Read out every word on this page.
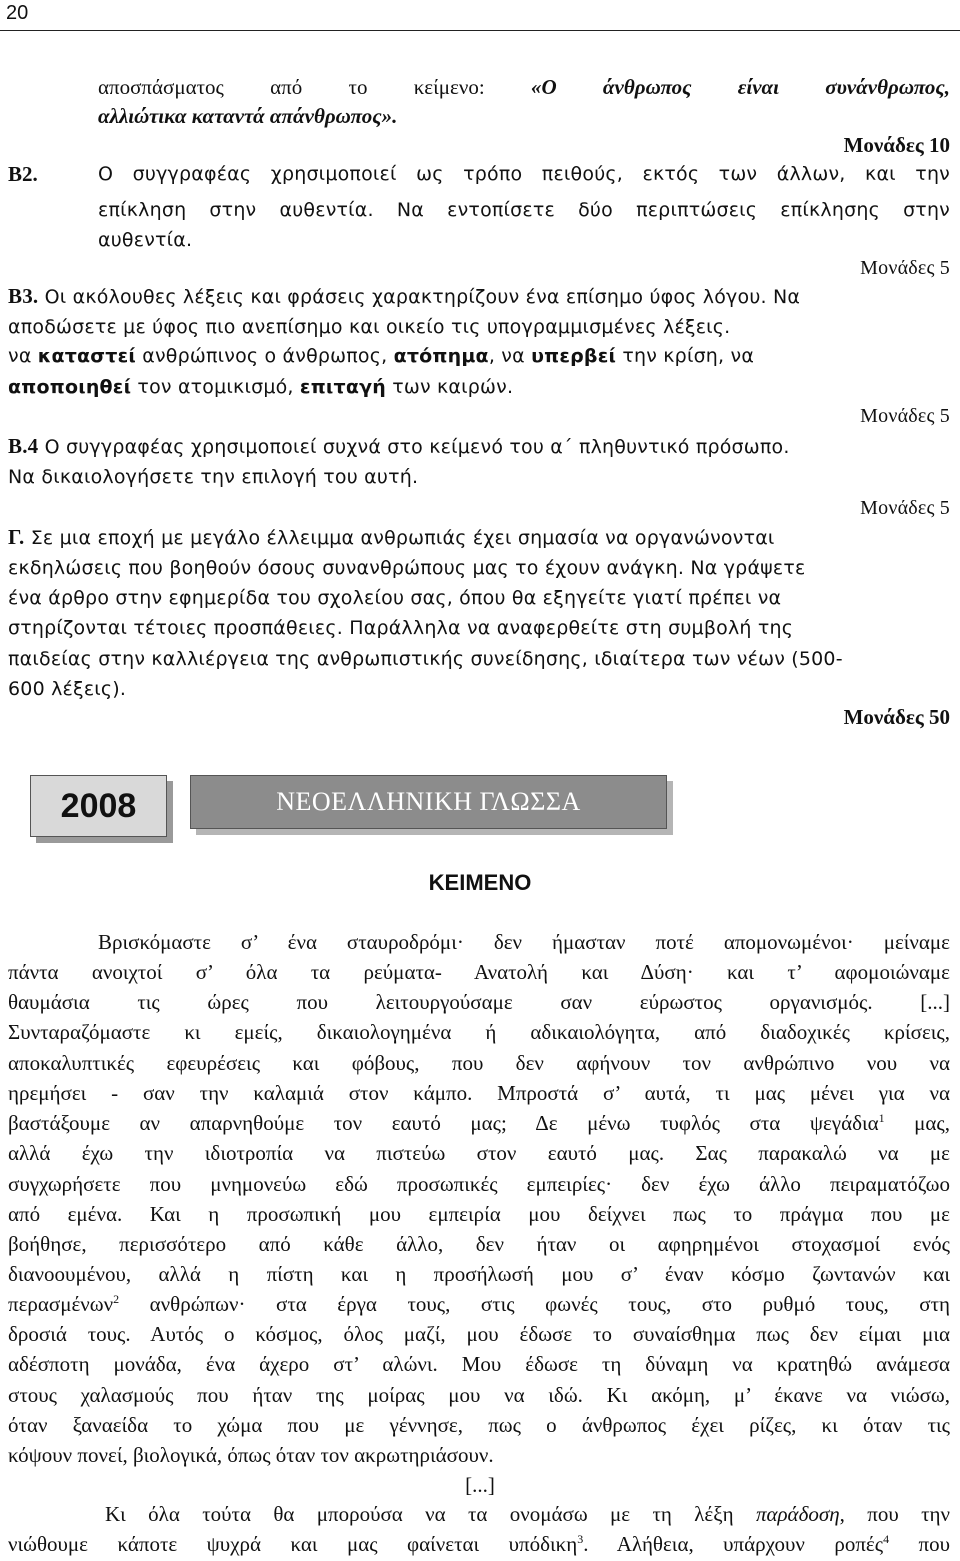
20
αποσπάσματος από το κείμενο: «Ο άνθρωπος είναι συνάνθρωπος,
αλλιώτικα καταντά απάνθρωπος».
Μονάδες 10
Β2.	Ο συγγραφέας χρησιμοποιεί ως τρόπο πειθούς, εκτός των άλλων, και την
επίκληση στην αυθεντία. Να εντοπίσετε δύο περιπτώσεις επίκλησης στην
αυθεντία.
Μονάδες 5
Β3. Οι ακόλουθες λέξεις και φράσεις χαρακτηρίζουν ένα επίσημο ύφος λόγου. Να
αποδώσετε με ύφος πιο ανεπίσημο και οικείο τις υπογραμμισμένες λέξεις.
να καταστεί ανθρώπινος ο άνθρωπος, ατόπημα, να υπερβεί την κρίση, να
αποποιηθεί τον ατομικισμό, επιταγή των καιρών.
Μονάδες 5
Β.4 Ο συγγραφέας χρησιμοποιεί συχνά στο κείμενό του α΄ πληθυντικό πρόσωπο.
Να δικαιολογήσετε την επιλογή του αυτή.
Μονάδες 5
Γ. Σε μια εποχή με μεγάλο έλλειμμα ανθρωπιάς έχει σημασία να οργανώνονται
εκδηλώσεις που βοηθούν όσους συνανθρώπους μας το έχουν ανάγκη. Να γράψετε
ένα άρθρο στην εφημερίδα του σχολείου σας, όπου θα εξηγείτε γιατί πρέπει να
στηρίζονται τέτοιες προσπάθειες. Παράλληλα να αναφερθείτε στη συμβολή της
παιδείας στην καλλιέργεια της ανθρωπιστικής συνείδησης, ιδιαίτερα των νέων (500-
600 λέξεις).
Μονάδες 50
2008	ΝΕΟΕΛΛΗΝΙΚΗ ΓΛΩΣΣΑ
ΚΕΙΜΕΝΟ
Βρισκόμαστε σ’ ένα σταυροδρόμι· δεν ήμασταν ποτέ απομονωμένοι· μείναμε
πάντα ανοιχτοί σ’ όλα τα ρεύματα- Ανατολή και Δύση· και τ’ αφομοιώναμε
θαυμάσια τις ώρες που λειτουργούσαμε σαν εύρωστος οργανισμός. [...]
Συνταραζόμαστε κι εμείς, δικαιολογημένα ή αδικαιολόγητα, από διαδοχικές κρίσεις,
αποκαλυπτικές εφευρέσεις και φόβους, που δεν αφήνουν τον ανθρώπινο νου να
ηρεμήσει - σαν την καλαμιά στον κάμπο. Μπροστά σ’ αυτά, τι μας μένει για να
βαστάξουμε αν απαρνηθούμε τον εαυτό μας; Δε μένω τυφλός στα ψεγάδια$^1$ μας,
αλλά έχω την ιδιοτροπία να πιστεύω στον εαυτό μας. Σας παρακαλώ να με
συγχωρήσετε που μνημονεύω εδώ προσωπικές εμπειρίες· δεν έχω άλλο πειραματόζωο
από εμένα. Και η προσωπική μου εμπειρία μου δείχνει πως το πράγμα που με
βοήθησε, περισσότερο από κάθε άλλο, δεν ήταν οι αφηρημένοι στοχασμοί ενός
διανοουμένου, αλλά η πίστη και η προσήλωσή μου σ’ έναν κόσμο ζωντανών και
περασμένων$^2$ ανθρώπων· στα έργα τους, στις φωνές τους, στο ρυθμό τους, στη
δροσιά τους. Αυτός ο κόσμος, όλος μαζί, μου έδωσε το συναίσθημα πως δεν είμαι μια
αδέσποτη μονάδα, ένα άχερο στ’ αλώνι. Μου έδωσε τη δύναμη να κρατηθώ ανάμεσα
στους χαλασμούς που ήταν της μοίρας μου να ιδώ. Κι ακόμη, μ’ έκανε να νιώσω,
όταν ξαναείδα το χώμα που με γέννησε, πως ο άνθρωπος έχει ρίζες, κι όταν τις
κόψουν πονεί, βιολογικά, όπως όταν τον ακρωτηριάσουν.
[...]
Κι όλα τούτα θα μπορούσα να τα ονομάσω με τη λέξη παράδοση, που την
νιώθουμε κάποτε ψυχρά και μας φαίνεται υπόδικη$^3$. Αλήθεια, υπάρχουν ροπές$^4$ που
